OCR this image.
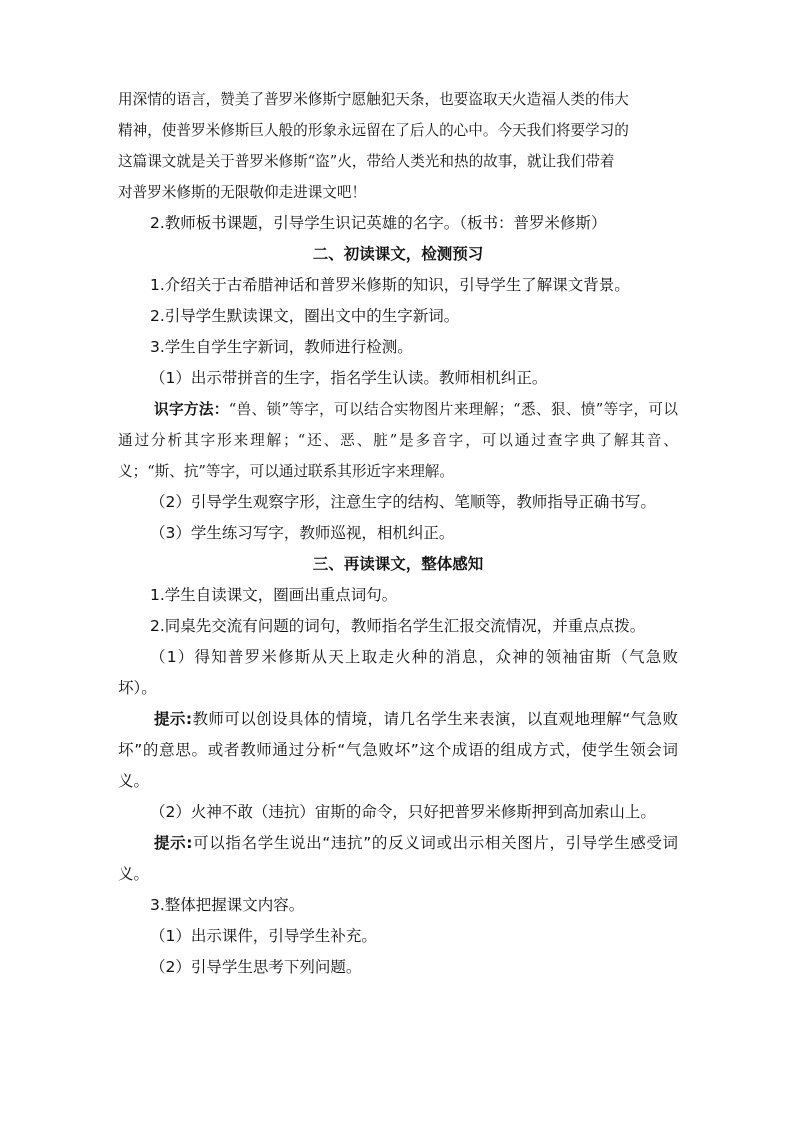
用深情的语言，赞美了普罗米修斯宁愿触犯天条，也要盗取天火造福人类的伟大

精神，使普罗米修斯巨人般的形象永远留在了后人的心中。今天我们将要学习的

这篇课文就是关于普罗米修斯“盗”火，带给人类光和热的故事，就让我们带着

对普罗米修斯的无限敬仰走进课文吧！

2.教师板书课题，引导学生识记英雄的名字。（板书：普罗米修斯）

二、初读课文，检测预习

1.介绍关于古希腊神话和普罗米修斯的知识，引导学生了解课文背景。

2.引导学生默读课文，圈出文中的生字新词。

3.学生自学生字新词，教师进行检测。

（1）出示带拼音的生字，指名学生认读。教师相机纠正。

识字方法：“兽、锁”等字，可以结合实物图片来理解；“悉、狠、愤”等字，可以通过分析其字形来理解；“还、恶、脏”是多音字，可以通过查字典了解其音、义；“斯、抗”等字，可以通过联系其形近字来理解。

（2）引导学生观察字形，注意生字的结构、笔顺等，教师指导正确书写。

（3）学生练习写字，教师巡视，相机纠正。

三、再读课文，整体感知

1.学生自读课文，圈画出重点词句。

2.同桌先交流有问题的词句，教师指名学生汇报交流情况，并重点点拨。

（1）得知普罗米修斯从天上取走火种的消息，众神的领袖宙斯（气急败坏）。

提示:教师可以创设具体的情境，请几名学生来表演，以直观地理解“气急败坏”的意思。或者教师通过分析“气急败坏”这个成语的组成方式，使学生领会词义。

（2）火神不敢（违抗）宙斯的命令，只好把普罗米修斯押到高加索山上。

提示:可以指名学生说出“违抗”的反义词或出示相关图片，引导学生感受词义。

3.整体把握课文内容。

（1）出示课件，引导学生补充。

（2）引导学生思考下列问题。
